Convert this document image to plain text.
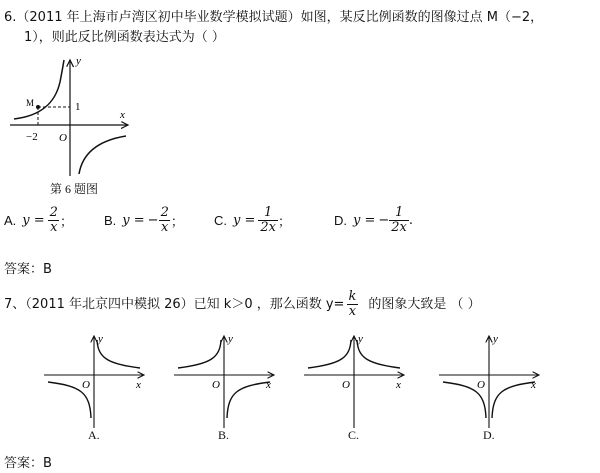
6.（2011 年上海市卢湾区初中毕业数学模拟试题）如图，某反比例函数的图像过点 M（−2，
1），则此反比例函数表达式为（ ）
M
y
x
O
−2
1
第 6 题图
A. $y = \frac{2}{x}$ ； B. y = − $\frac{2}{x}$ ； C. $y = \frac{1}{2x}$ ；	D. y = − $\frac{1}{2x}$ .
答案：B
7、（2011 年北京四中模拟 26）已知 k＞0 ，那么函数 $y= \frac{k}{x}$ 的图象大致是 （ ）
y
x
O
A.
y
x
O
B.
y
x
O
C.
y
x
O
D.
答案：B
